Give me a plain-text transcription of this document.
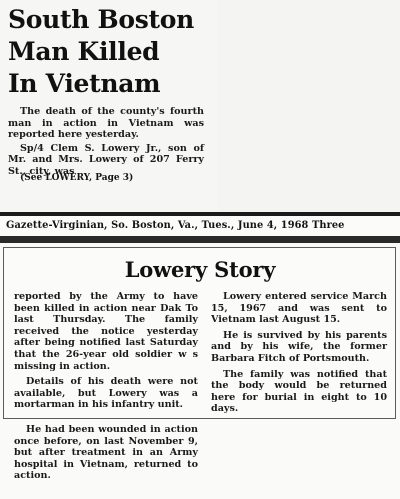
South Boston
Man Killed
In Vietnam

The death of the county's fourth man in action in Vietnam was reported here yesterday.

Sp/4 Clem S. Lowery Jr., son of Mr. and Mrs. Lowery of 207 Ferry St., city, was

(See LOWERY, Page 3)
Gazette-Virginian, So. Boston, Va., Tues., June 4, 1968 Three
Lowery Story

reported by the Army to have been killed in action near Dak To last Thursday. The family received the notice yesterday after being notified last Saturday that the 26-year old soldier w s missing in action.

Details of his death were not available, but Lowery was a mortarman in his infantry unit.

Lowery entered service March 15, 1967 and was sent to Vietnam last August 15.

He is survived by his parents and by his wife, the former Barbara Fitch of Portsmouth.

The family was notified that the body would be returned here for burial in eight to 10 days.

He had been wounded in action once before, on last November 9, but after treatment in an Army hospital in Vietnam, returned to action.
